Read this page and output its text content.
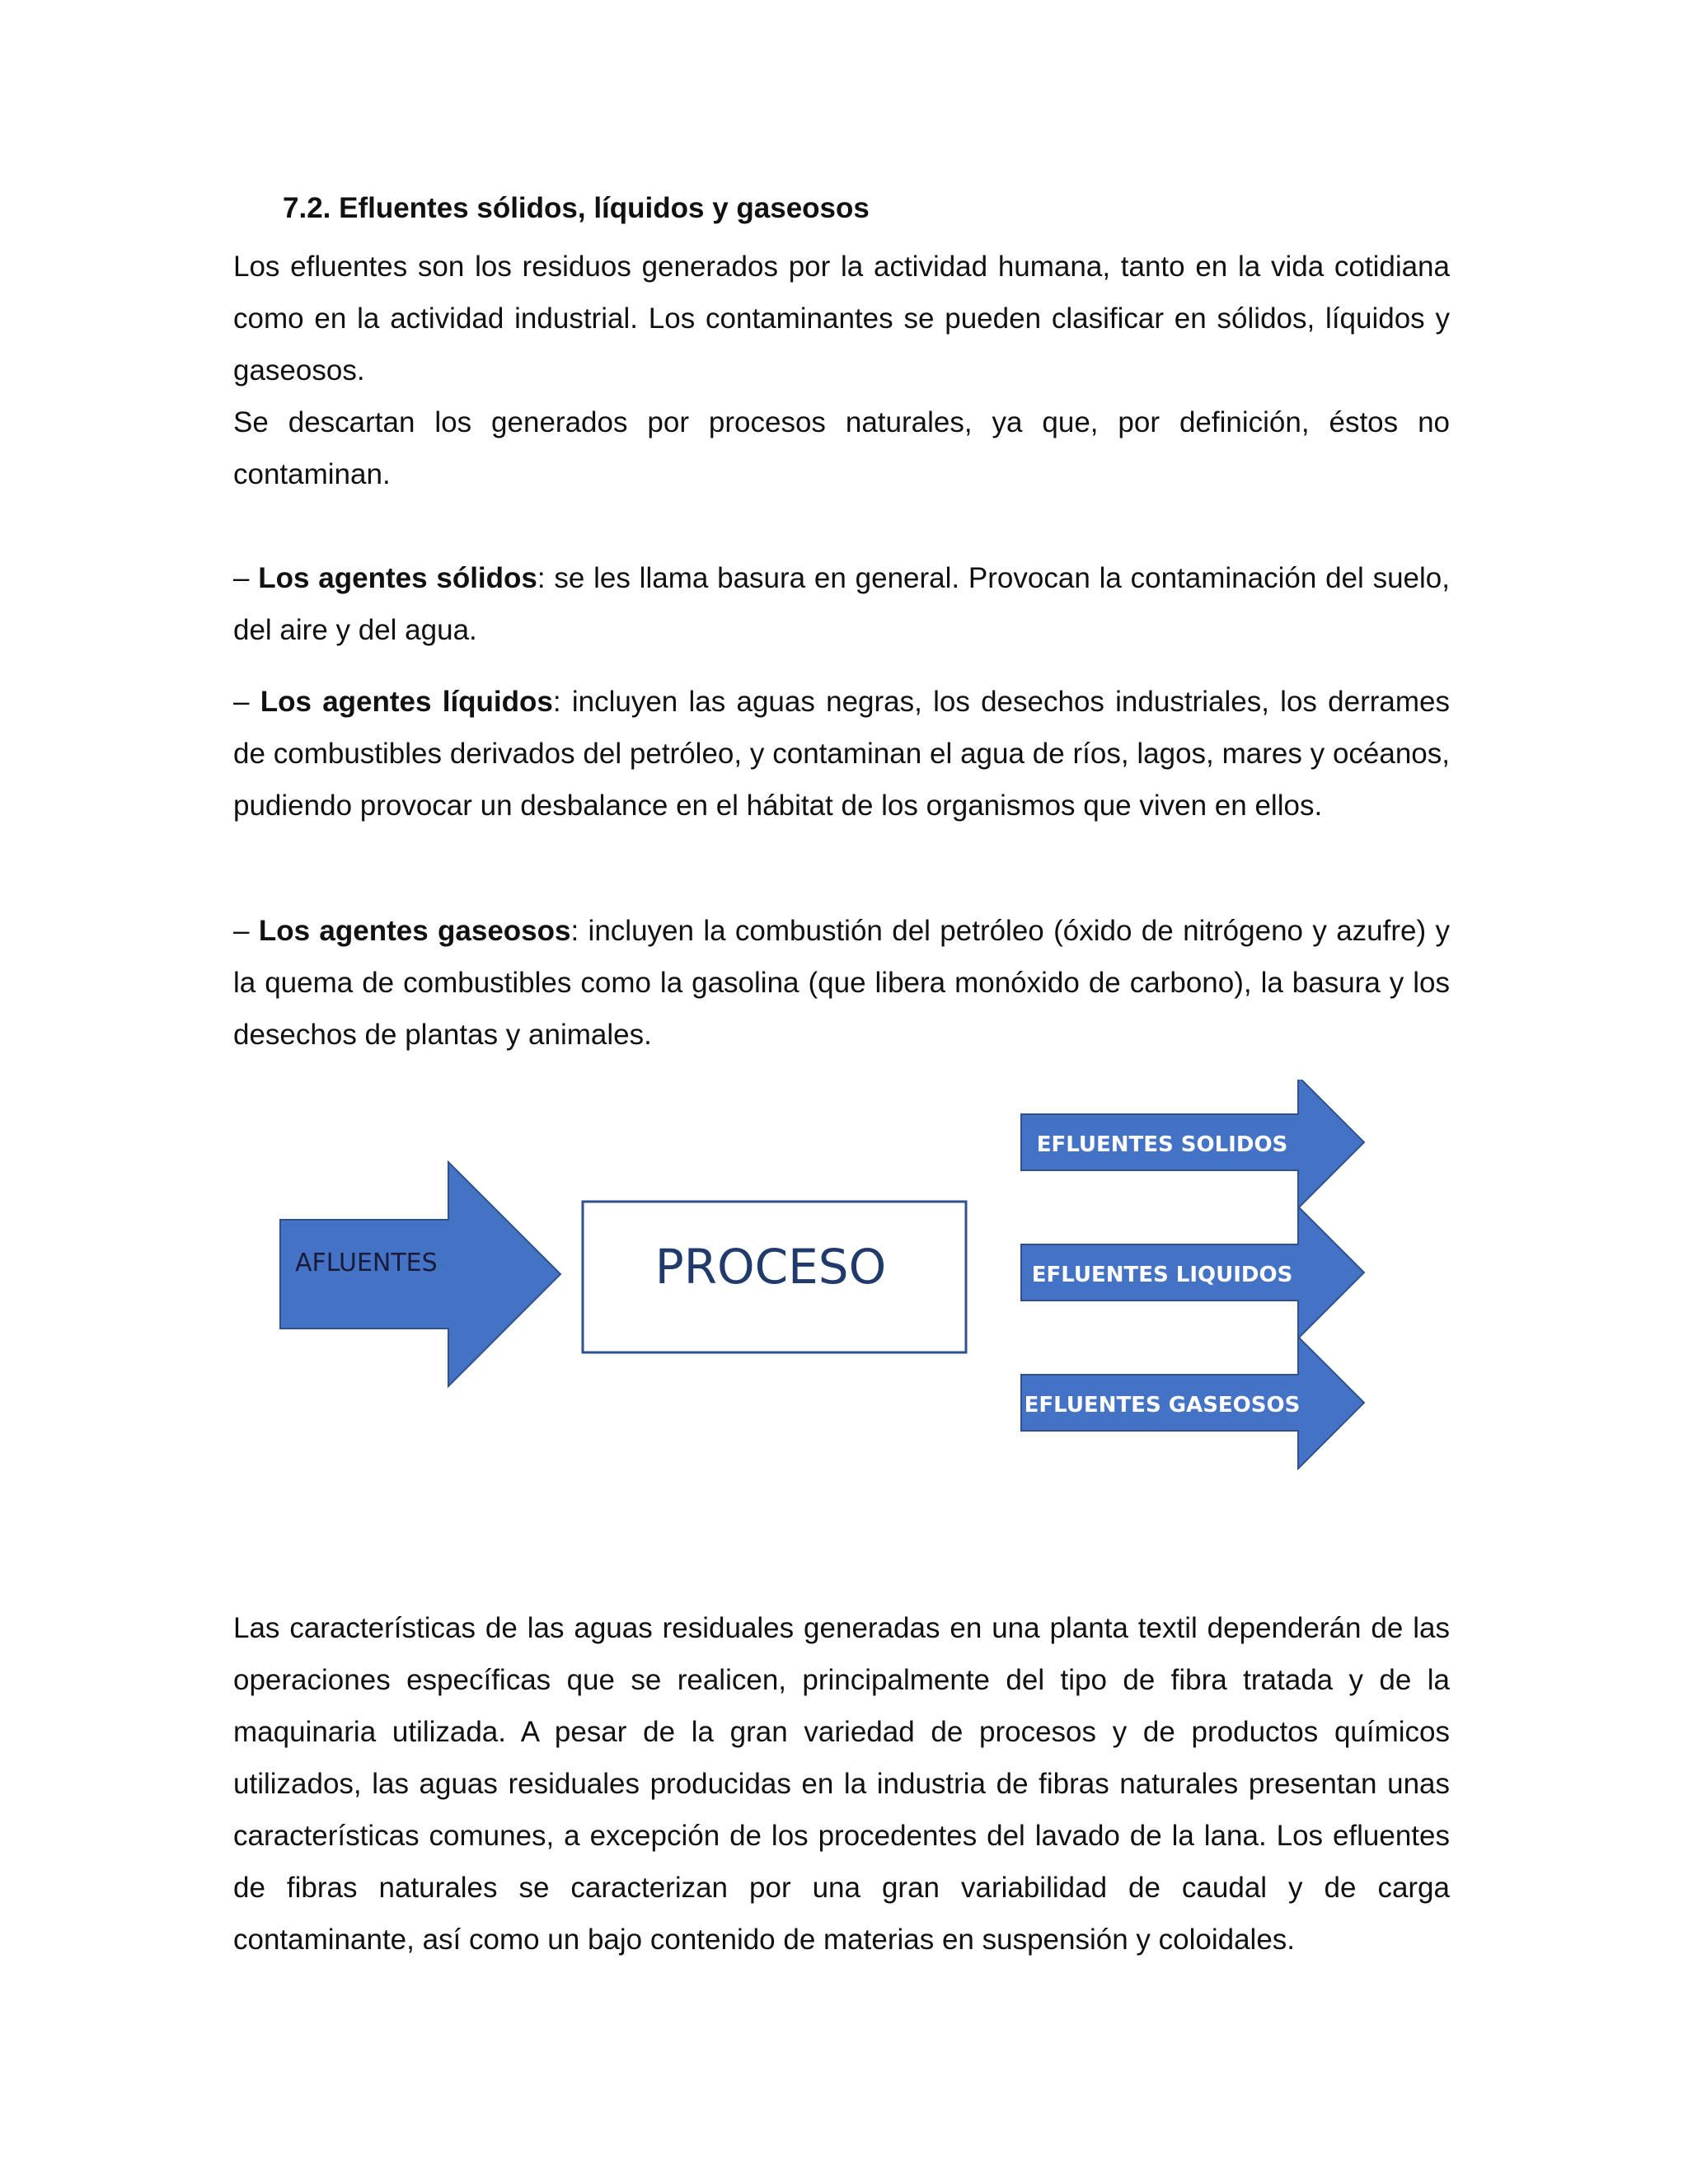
7.2. Efluentes sólidos, líquidos y gaseosos

Los efluentes son los residuos generados por la actividad humana, tanto en la vida cotidiana como en la actividad industrial. Los contaminantes se pueden clasificar en sólidos, líquidos y gaseosos.

Se descartan los generados por procesos naturales, ya que, por definición, éstos no contaminan.

– Los agentes sólidos: se les llama basura en general. Provocan la contaminación del suelo, del aire y del agua.

– Los agentes líquidos: incluyen las aguas negras, los desechos industriales, los derrames de combustibles derivados del petróleo, y contaminan el agua de ríos, lagos, mares y océanos, pudiendo provocar un desbalance en el hábitat de los organismos que viven en ellos.

– Los agentes gaseosos: incluyen la combustión del petróleo (óxido de nitrógeno y azufre) y la quema de combustibles como la gasolina (que libera monóxido de carbono), la basura y los desechos de plantas y animales.

AFLUENTES	PROCESO
EFLUENTES SOLIDOS
EFLUENTES LIQUIDOS
EFLUENTES GASEOSOS

Las características de las aguas residuales generadas en una planta textil dependerán de las operaciones específicas que se realicen, principalmente del tipo de fibra tratada y de la maquinaria utilizada. A pesar de la gran variedad de procesos y de productos químicos utilizados, las aguas residuales producidas en la industria de fibras naturales presentan unas características comunes, a excepción de los procedentes del lavado de la lana. Los efluentes de fibras naturales se caracterizan por una gran variabilidad de caudal y de carga contaminante, así como un bajo contenido de materias en suspensión y coloidales.
